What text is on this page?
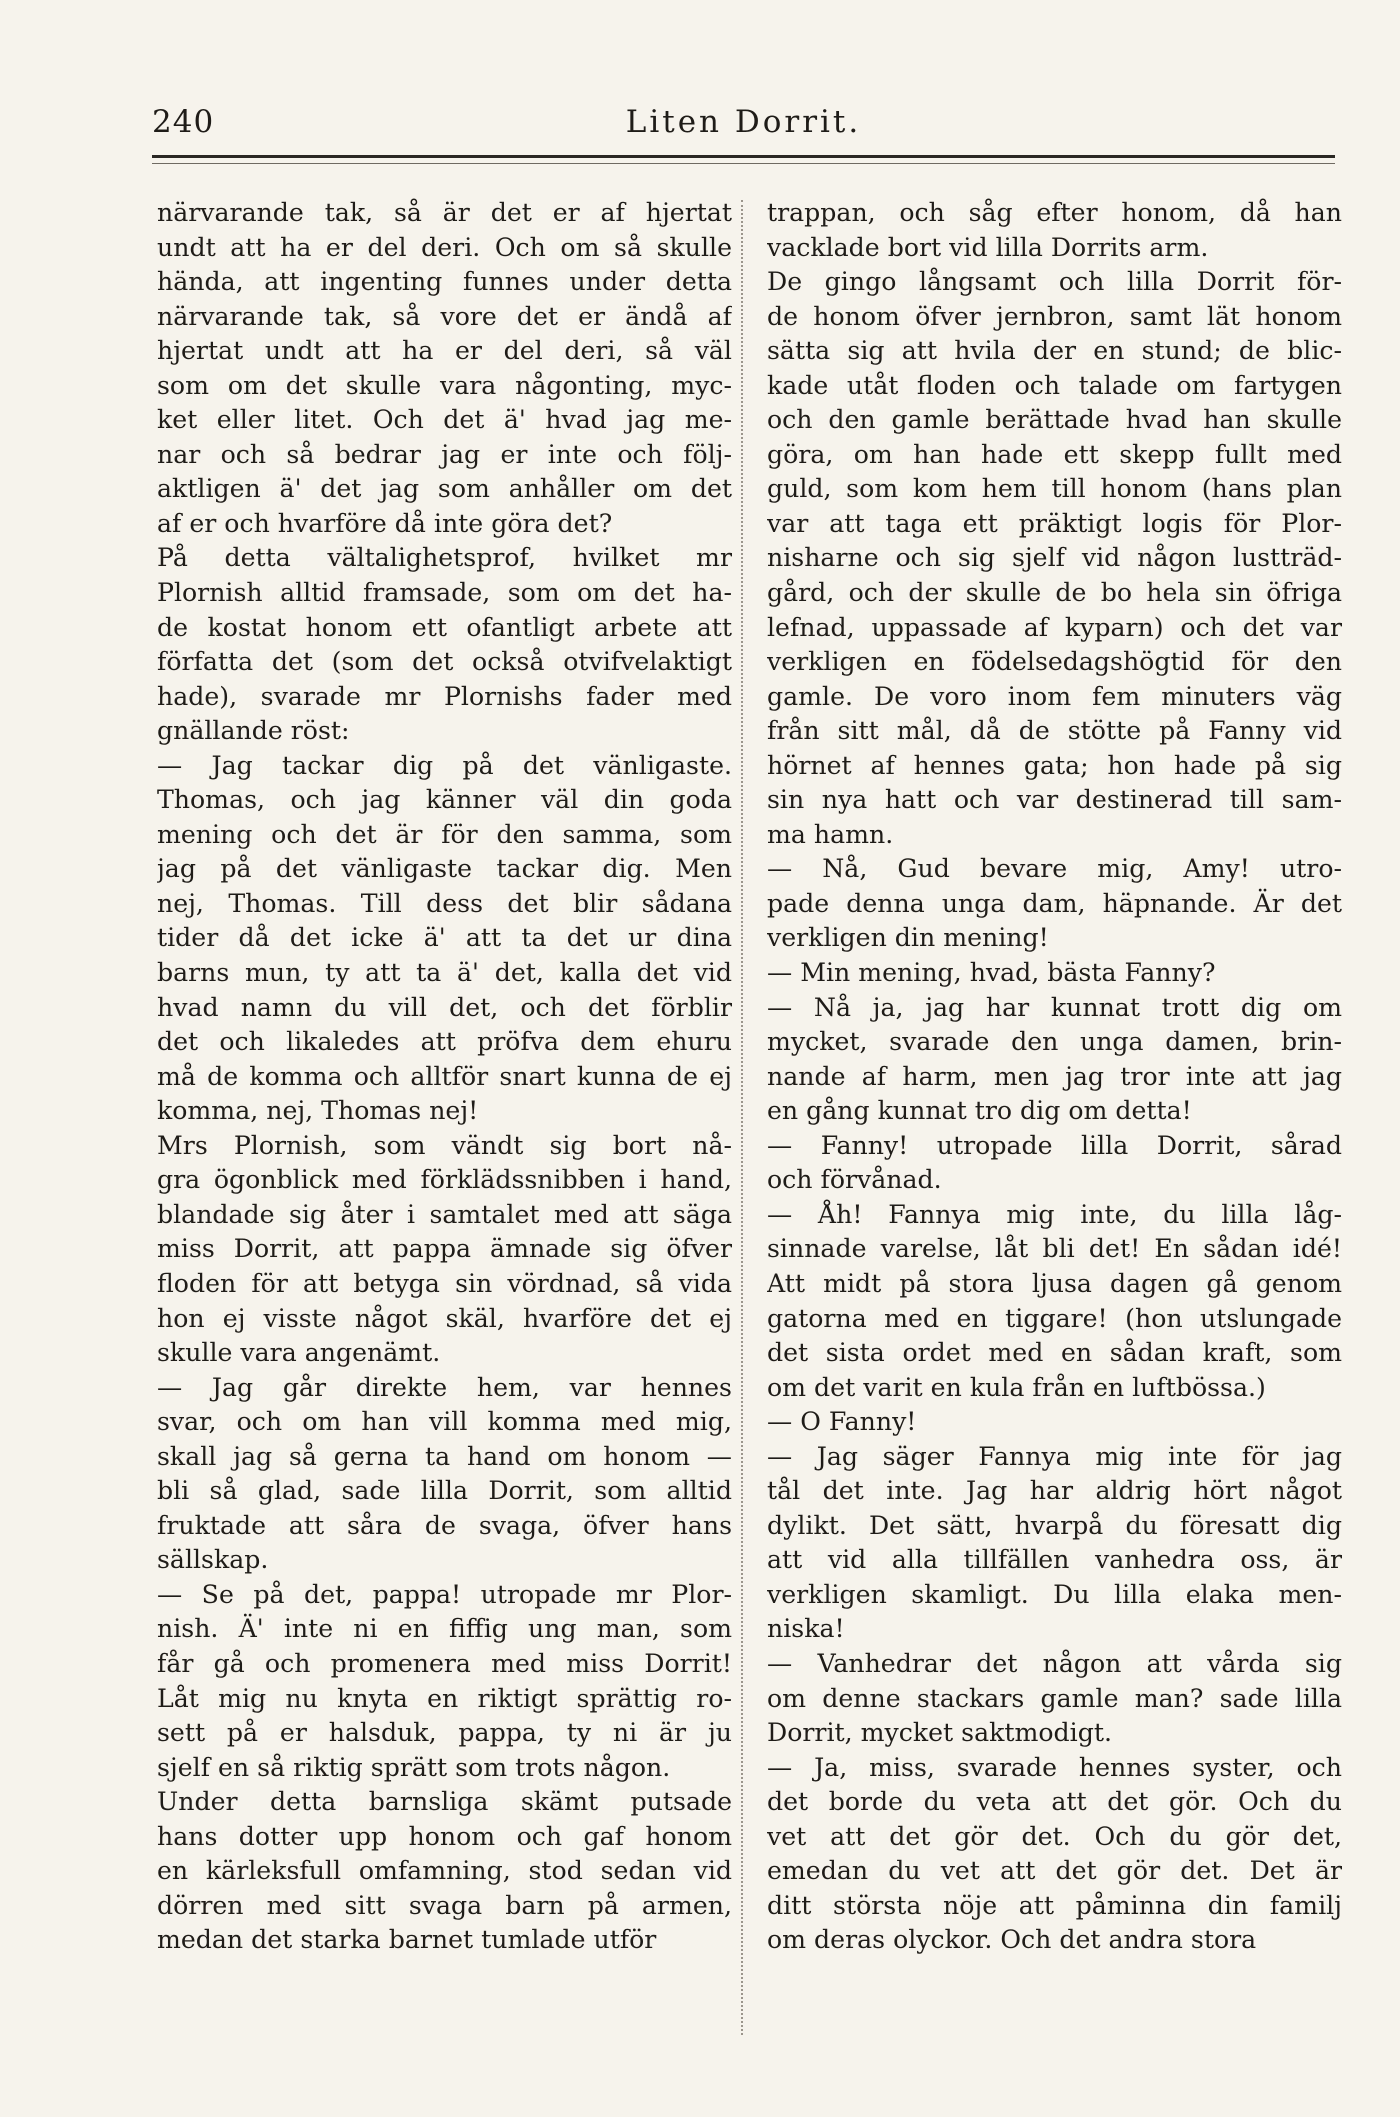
240	Liten Dorrit.
närvarande tak, så är det er af hjertat
undt att ha er del deri. Och om så skulle
hända, att ingenting funnes under detta
närvarande tak, så vore det er ändå af
hjertat undt att ha er del deri, så väl
som om det skulle vara någonting, myc-
ket eller litet. Och det ä' hvad jag me-
nar och så bedrar jag er inte och följ-
aktligen ä' det jag som anhåller om det
af er och hvarföre då inte göra det?
På detta vältalighetsprof, hvilket mr
Plornish alltid framsade, som om det ha-
de kostat honom ett ofantligt arbete att
författa det (som det också otvifvelaktigt
hade), svarade mr Plornishs fader med
gnällande röst:
— Jag tackar dig på det vänligaste.
Thomas, och jag känner väl din goda
mening och det är för den samma, som
jag på det vänligaste tackar dig. Men
nej, Thomas. Till dess det blir sådana
tider då det icke ä' att ta det ur dina
barns mun, ty att ta ä' det, kalla det vid
hvad namn du vill det, och det förblir
det och likaledes att pröfva dem ehuru
må de komma och alltför snart kunna de ej
komma, nej, Thomas nej!
Mrs Plornish, som vändt sig bort nå-
gra ögonblick med förklädssnibben i hand,
blandade sig åter i samtalet med att säga
miss Dorrit, att pappa ämnade sig öfver
floden för att betyga sin vördnad, så vida
hon ej visste något skäl, hvarföre det ej
skulle vara angenämt.
— Jag går direkte hem, var hennes
svar, och om han vill komma med mig,
skall jag så gerna ta hand om honom —
bli så glad, sade lilla Dorrit, som alltid
fruktade att såra de svaga, öfver hans
sällskap.
— Se på det, pappa! utropade mr Plor-
nish. Ä' inte ni en fiffig ung man, som
får gå och promenera med miss Dorrit!
Låt mig nu knyta en riktigt sprättig ro-
sett på er halsduk, pappa, ty ni är ju
sjelf en så riktig sprätt som trots någon.
Under detta barnsliga skämt putsade
hans dotter upp honom och gaf honom
en kärleksfull omfamning, stod sedan vid
dörren med sitt svaga barn på armen,
medan det starka barnet tumlade utför
trappan, och såg efter honom, då han
vacklade bort vid lilla Dorrits arm.
De gingo långsamt och lilla Dorrit för-
de honom öfver jernbron, samt lät honom
sätta sig att hvila der en stund; de blic-
kade utåt floden och talade om fartygen
och den gamle berättade hvad han skulle
göra, om han hade ett skepp fullt med
guld, som kom hem till honom (hans plan
var att taga ett präktigt logis för Plor-
nisharne och sig sjelf vid någon lustträd-
gård, och der skulle de bo hela sin öfriga
lefnad, uppassade af kyparn) och det var
verkligen en födelsedagshögtid för den
gamle. De voro inom fem minuters väg
från sitt mål, då de stötte på Fanny vid
hörnet af hennes gata; hon hade på sig
sin nya hatt och var destinerad till sam-
ma hamn.
— Nå, Gud bevare mig, Amy! utro-
pade denna unga dam, häpnande. Är det
verkligen din mening!
— Min mening, hvad, bästa Fanny?
— Nå ja, jag har kunnat trott dig om
mycket, svarade den unga damen, brin-
nande af harm, men jag tror inte att jag
en gång kunnat tro dig om detta!
— Fanny! utropade lilla Dorrit, sårad
och förvånad.
— Åh! Fannya mig inte, du lilla låg-
sinnade varelse, låt bli det! En sådan idé!
Att midt på stora ljusa dagen gå genom
gatorna med en tiggare! (hon utslungade
det sista ordet med en sådan kraft, som
om det varit en kula från en luftbössa.)
— O Fanny!
— Jag säger Fannya mig inte för jag
tål det inte. Jag har aldrig hört något
dylikt. Det sätt, hvarpå du föresatt dig
att vid alla tillfällen vanhedra oss, är
verkligen skamligt. Du lilla elaka men-
niska!
— Vanhedrar det någon att vårda sig
om denne stackars gamle man? sade lilla
Dorrit, mycket saktmodigt.
— Ja, miss, svarade hennes syster, och
det borde du veta att det gör. Och du
vet att det gör det. Och du gör det,
emedan du vet att det gör det. Det är
ditt största nöje att påminna din familj
om deras olyckor. Och det andra stora
